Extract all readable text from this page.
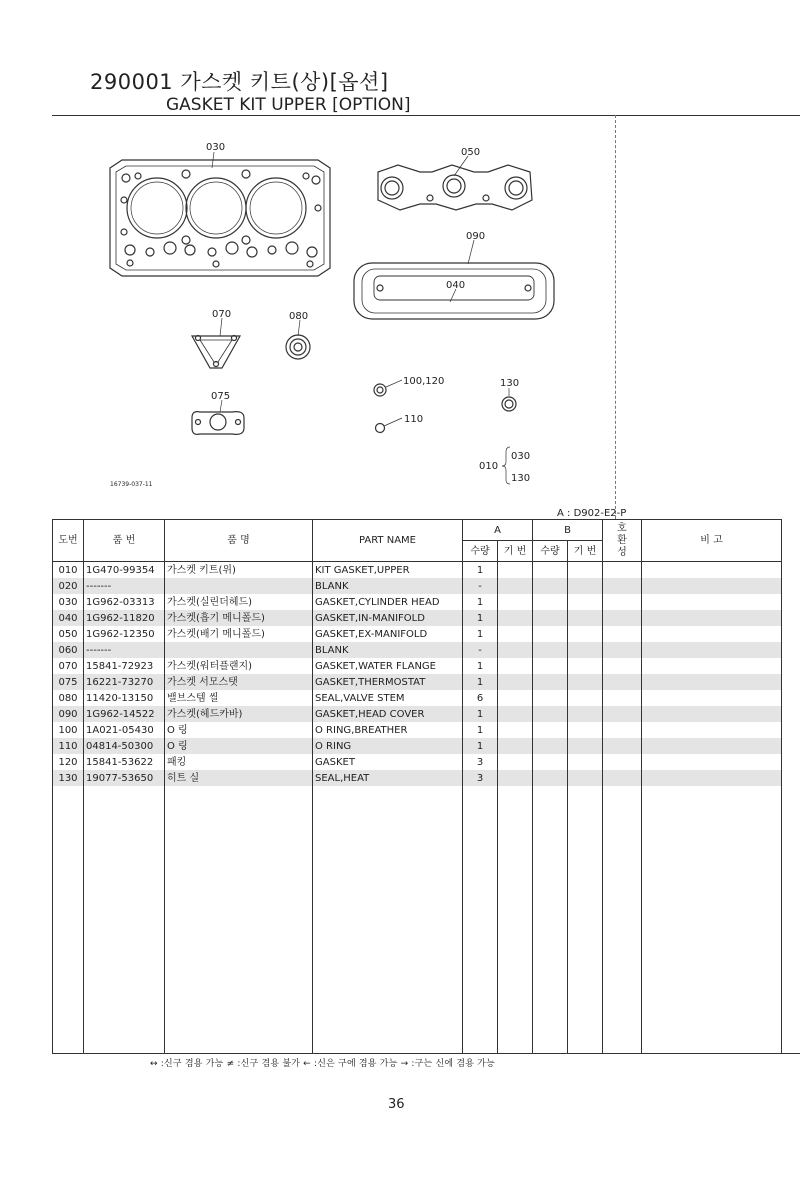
290001 가스켓 키트(상)[옵션]
GASKET KIT UPPER [OPTION]
030	050
090
040
070	080
075
100,120
110
130
010
030
130
16739-037-11
A : D902-E2-P
도번	품 번	품 명	PART NAME	A		B		호
환
성	비 고
				수량	기 번	수량	기 번		
010	1G470-99354	가스켓 키트(위)	KIT GASKET,UPPER	1					
020	-------		BLANK	-					
030	1G962-03313	가스켓(실린더헤드)	GASKET,CYLINDER HEAD	1					
040	1G962-11820	가스켓(흡기 메니폴드)	GASKET,IN-MANIFOLD	1					
050	1G962-12350	가스켓(배기 메니폴드)	GASKET,EX-MANIFOLD	1					
060	-------		BLANK	-					
070	15841-72923	가스켓(워터플랜지)	GASKET,WATER FLANGE	1					
075	16221-73270	가스켓 서모스탯	GASKET,THERMOSTAT	1					
080	11420-13150	밸브스템 씰	SEAL,VALVE STEM	6					
090	1G962-14522	가스켓(헤드카바)	GASKET,HEAD COVER	1					
100	1A021-05430	O 링	O RING,BREATHER	1					
110	04814-50300	O 링	O RING	1					
120	15841-53622	패킹	GASKET	3					
130	19077-53650	히트 실	SEAL,HEAT	3					

↔ :신구 겸용 가능 ≠ :신구 겸용 불가 ← :신은 구에 겸용 가능 → :구는 신에 겸용 가능
36
